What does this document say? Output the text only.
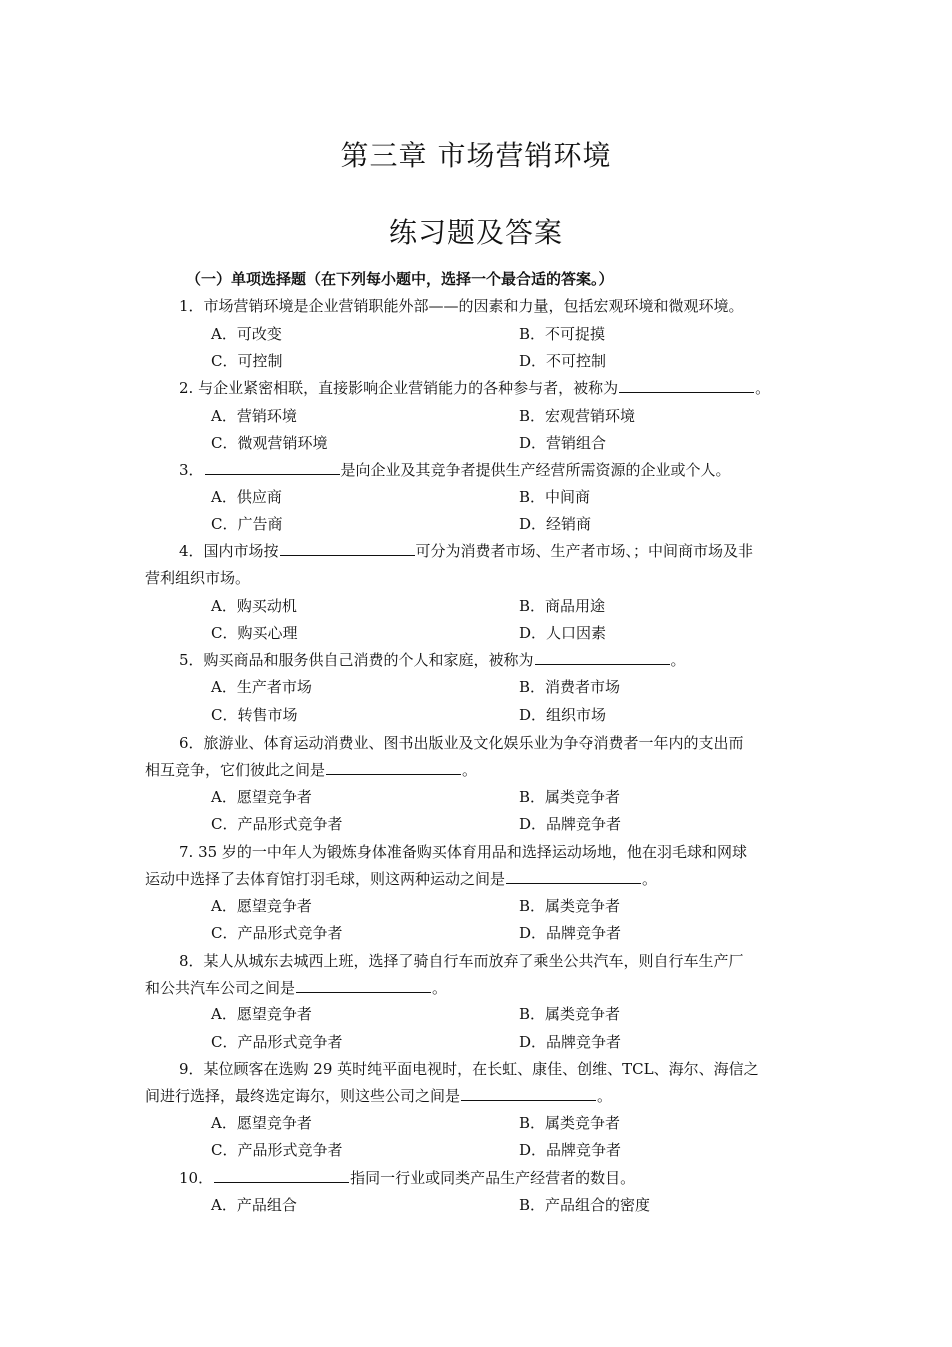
第三章 市场营销环境
练习题及答案
（一）单项选择题（在下列每小题中，选择一个最合适的答案。）
1．市场营销环境是企业营销职能外部——的因素和力量，包括宏观环境和微观环境。
A．可改变	B．不可捉摸
C．可控制	D．不可控制
2. 与企业紧密相联，直接影响企业营销能力的各种参与者，被称为	。
A．营销环境	B．宏观营销环境
C．微观营销环境	D．营销组合
3．	是向企业及其竞争者提供生产经营所需资源的企业或个人。
A．供应商	B．中间商
C．广告商	D．经销商
4．国内市场按	可分为消费者市场、生产者市场、；中间商市场及非
营利组织市场。
A．购买动机	B．商品用途
C．购买心理	D．人口因素
5．购买商品和服务供自己消费的个人和家庭，被称为	。
A．生产者市场	B．消费者市场
C．转售市场	D．组织市场
6．旅游业、体育运动消费业、图书出版业及文化娱乐业为争夺消费者一年内的支出而
相互竞争，它们彼此之间是	。
A．愿望竞争者	B．属类竞争者
C．产品形式竞争者	D．品牌竞争者
7. 35 岁的一中年人为锻炼身体准备购买体育用品和选择运动场地，他在羽毛球和网球
运动中选择了去体育馆打羽毛球，则这两种运动之间是	。
A．愿望竞争者	B．属类竞争者
C．产品形式竞争者	D．品牌竞争者
8．某人从城东去城西上班，选择了骑自行车而放弃了乘坐公共汽车，则自行车生产厂
和公共汽车公司之间是	。
A．愿望竞争者	B．属类竞争者
C．产品形式竞争者	D．品牌竞争者
9．某位顾客在选购 29 英时纯平面电视时，在长虹、康佳、创维、TCL、海尔、海信之
间进行选择，最终选定诲尔，则这些公司之间是	。
A．愿望竞争者	B．属类竞争者
C．产品形式竞争者	D．品牌竞争者
10．	指同一行业或同类产品生产经营者的数目。
A．产品组合	B．产品组合的密度
